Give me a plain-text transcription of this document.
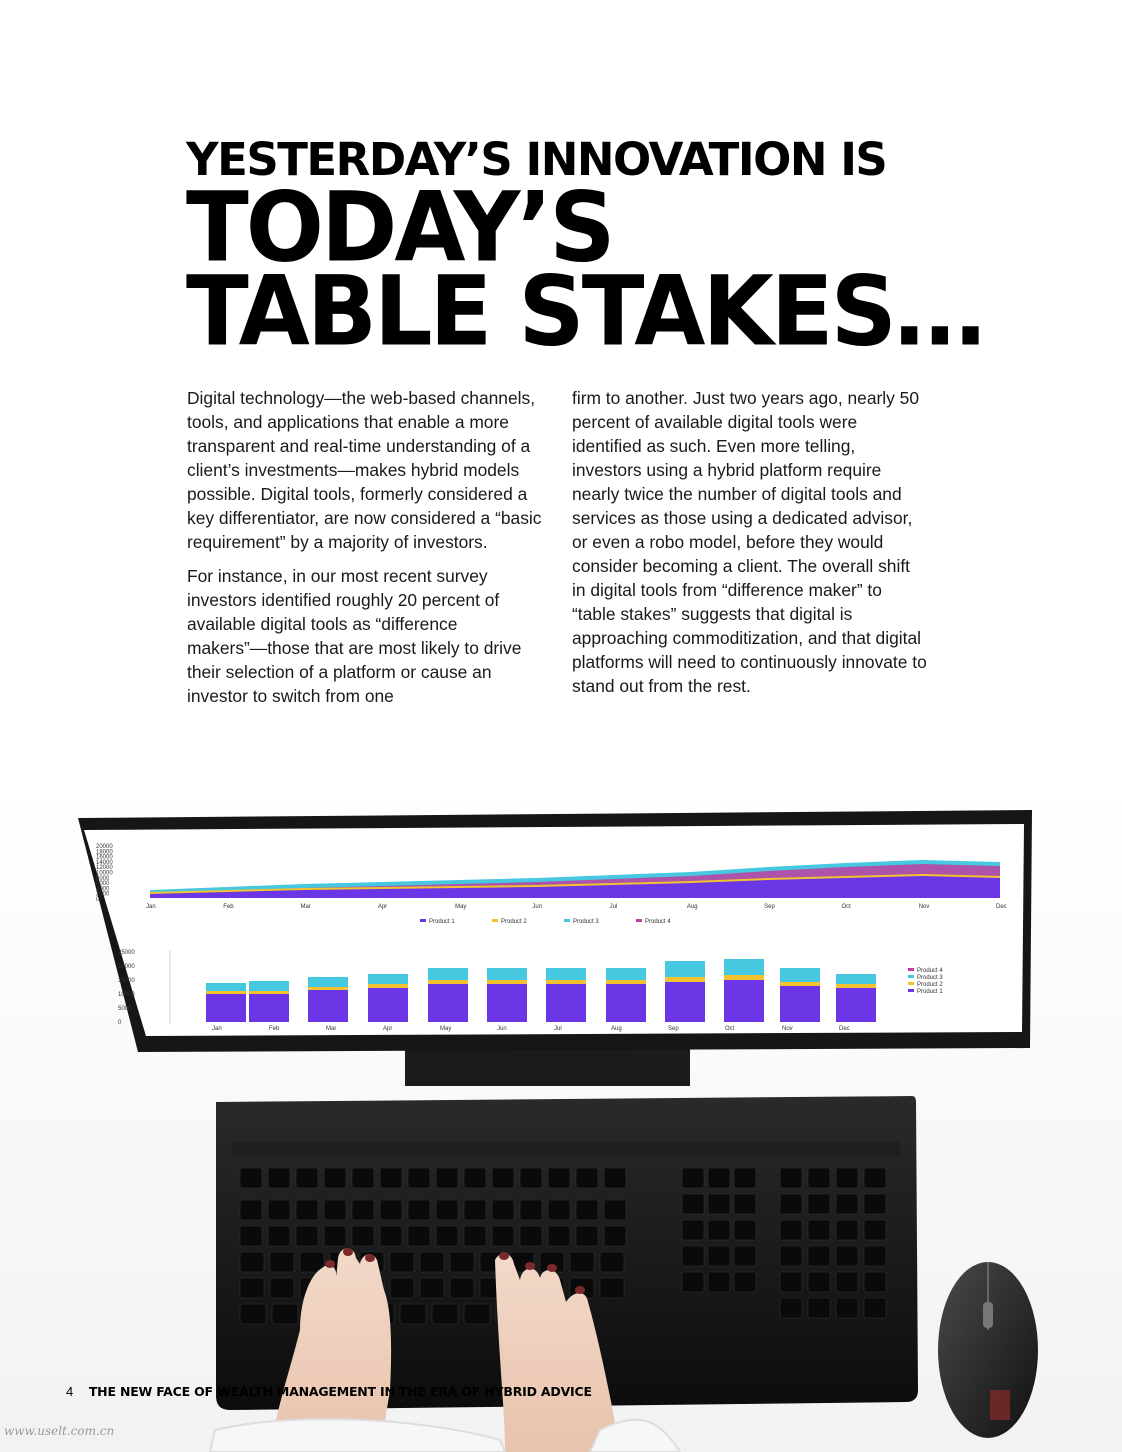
YESTERDAY’S INNOVATION IS
TODAY’S
TABLE STAKES…

Digital technology—the web-based channels, tools, and applications that enable a more transparent and real-time understanding of a client’s investments—makes hybrid models possible. Digital tools, formerly considered a key differentiator, are now considered a “basic requirement” by a majority of investors.

For instance, in our most recent survey investors identified roughly 20 percent of available digital tools as “difference makers”—those that are most likely to drive their selection of a platform or cause an investor to switch from one

firm to another. Just two years ago, nearly 50 percent of available digital tools were identified as such. Even more telling, investors using a hybrid platform require nearly twice the number of digital tools and services as those using a dedicated advisor, or even a robo model, before they would consider becoming a client. The overall shift in digital tools from “difference maker” to “table stakes” suggests that digital is approaching commoditization, and that digital platforms will need to continuously innovate to stand out from the rest.

20000
18000
16000
14000
12000
10000
8000
6000
4000
2000
0
Jan	Feb	Mar	Apr	May	Jun	Jul	Aug	Sep	Oct	Nov	Dec
Product 1	Product 2	Product 3	Product 4
25000
20000
15000
10000
5000
0
Jan	Feb	Mar	Apr	May	Jun	Jul	Aug	Sep	Oct	Nov	Dec
Product 4
Product 3
Product 2
Product 1
4 THE NEW FACE OF WEALTH MANAGEMENT IN THE ERA OF HYBRID ADVICE
www.uselt.com.cn
